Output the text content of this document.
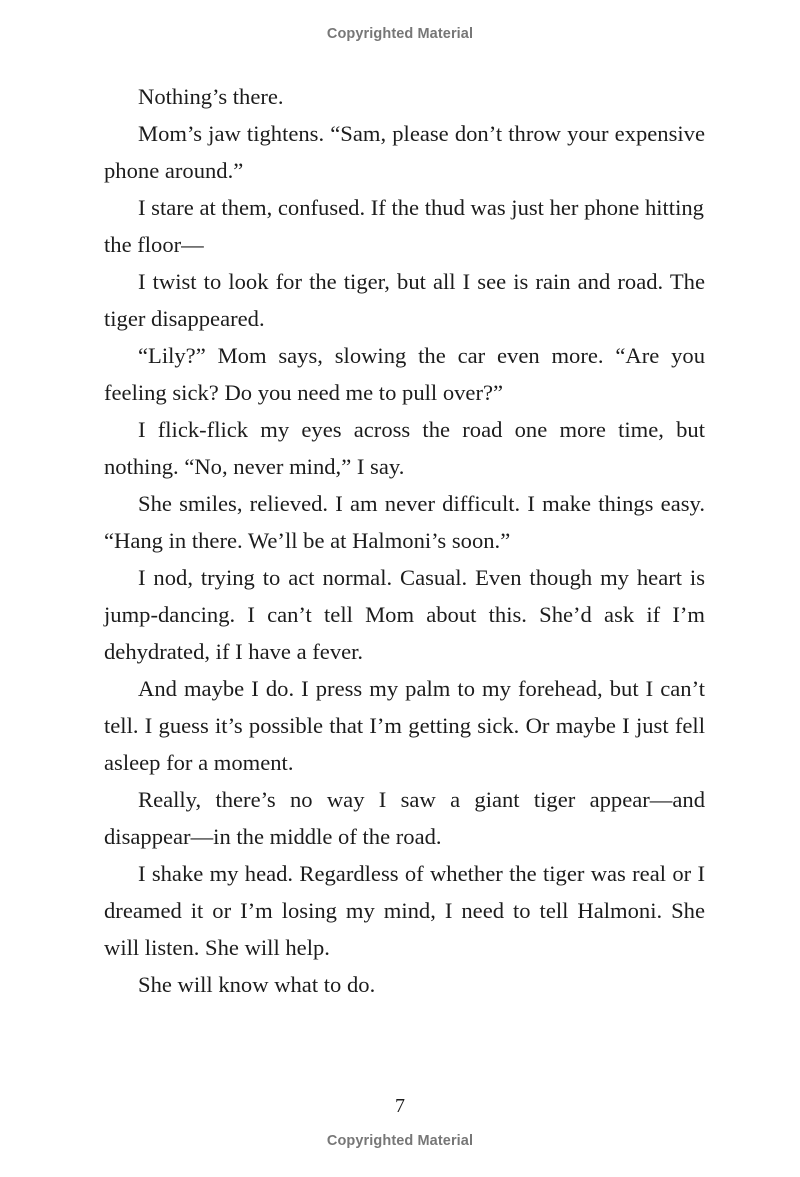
Copyrighted Material

Nothing’s there.

Mom’s jaw tightens. “Sam, please don’t throw your expensive phone around.”

I stare at them, confused. If the thud was just her phone hitting the floor—

I twist to look for the tiger, but all I see is rain and road. The tiger disappeared.

“Lily?” Mom says, slowing the car even more. “Are you feeling sick? Do you need me to pull over?”

I flick-flick my eyes across the road one more time, but nothing. “No, never mind,” I say.

She smiles, relieved. I am never difficult. I make things easy. “Hang in there. We’ll be at Halmoni’s soon.”

I nod, trying to act normal. Casual. Even though my heart is jump-dancing. I can’t tell Mom about this. She’d ask if I’m dehydrated, if I have a fever.

And maybe I do. I press my palm to my forehead, but I can’t tell. I guess it’s possible that I’m getting sick. Or maybe I just fell asleep for a moment.

Really, there’s no way I saw a giant tiger appear—and disappear—in the middle of the road.

I shake my head. Regardless of whether the tiger was real or I dreamed it or I’m losing my mind, I need to tell Halmoni. She will listen. She will help.

She will know what to do.

7
Copyrighted Material
